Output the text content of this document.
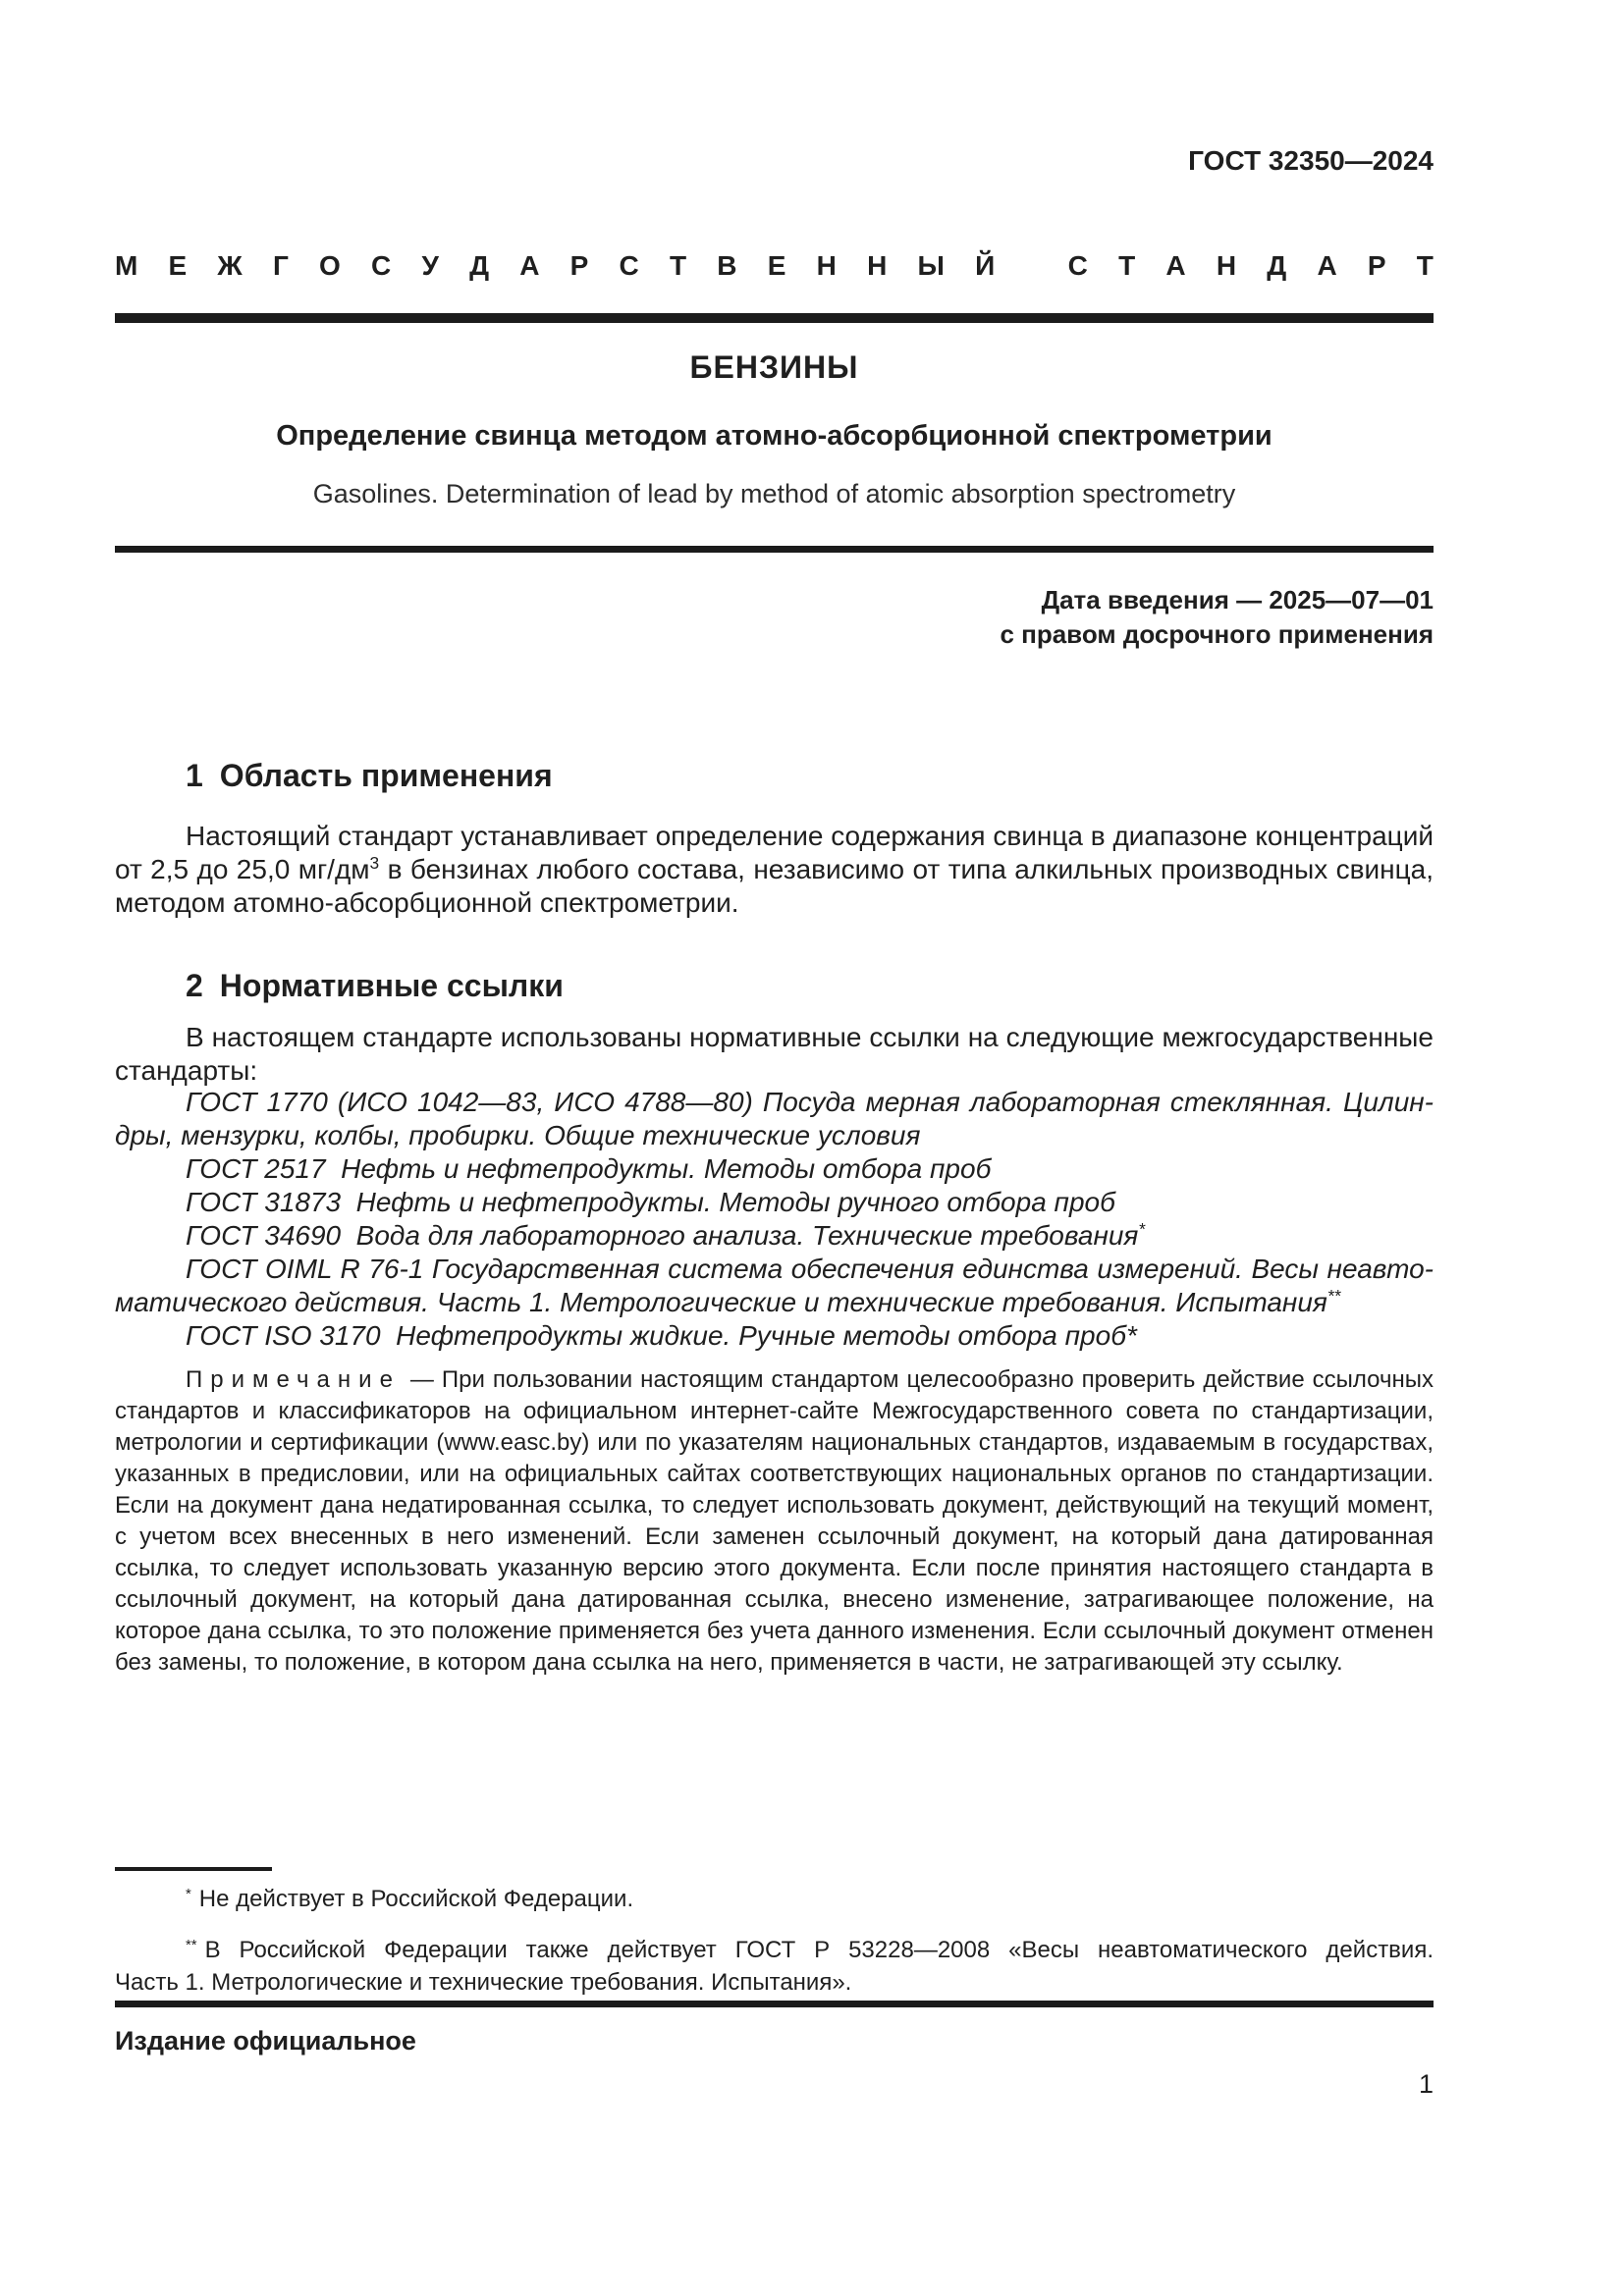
ГОСТ 32350—2024
М Е Ж Г О С У Д А Р С Т В Е Н Н Ы Й
	С Т А Н Д А Р Т
БЕНЗИНЫ
Определение свинца методом атомно-абсорбционной спектрометрии
Gasolines. Determination of lead by method of atomic absorption spectrometry
Дата введения — 2025—07—01
с правом досрочного применения
1 Область применения

Настоящий стандарт устанавливает определение содержания свинца в диапазоне концентраций от 2,5 до 25,0 $мг/дм^3$ в бензинах любого состава, независимо от типа алкильных производных свинца, методом атомно-абсорбционной спектрометрии.

2 Нормативные ссылки

В настоящем стандарте использованы нормативные ссылки на следующие межгосударственные стандарты:

ГОСТ 1770 (ИСО 1042—83, ИСО 4788—80) Посуда мерная лабораторная стеклянная. Цилин-
дры, мензурки, колбы, пробирки. Общие технические условия
ГОСТ 2517  Нефть и нефтепродукты. Методы отбора проб
ГОСТ 31873  Нефть и нефтепродукты. Методы ручного отбора проб
ГОСТ 34690  Вода для лабораторного анализа. Технические требования*
ГОСТ OIML R 76-1 Государственная система обеспечения единства измерений. Весы неавто-
матического действия. Часть 1. Метрологические и технические требования. Испытания**
ГОСТ ISO 3170  Нефтепродукты жидкие. Ручные методы отбора проб*

Примечание — При пользовании настоящим стандартом целесообразно проверить действие ссылочных стандартов и классификаторов на официальном интернет-сайте Межгосударственного совета по стандартизации, метрологии и сертификации (www.easc.by) или по указателям национальных стандартов, издаваемым в государствах, указанных в предисловии, или на официальных сайтах соответствующих национальных органов по стандартизации. Если на документ дана недатированная ссылка, то следует использовать документ, действующий на текущий момент, с учетом всех внесенных в него изменений. Если заменен ссылочный документ, на который дана датированная ссылка, то следует использовать указанную версию этого документа. Если после принятия настоящего стандарта в ссылочный документ, на который дана датированная ссылка, внесено изменение, затрагивающее положение, на которое дана ссылка, то это положение применяется без учета данного изменения. Если ссылочный документ отменен без замены, то положение, в котором дана ссылка на него, применяется в части, не затрагивающей эту ссылку.

* Не действует в Российской Федерации.
** В Российской Федерации также действует ГОСТ Р 53228—2008 «Весы неавтоматического действия.
Часть 1. Метрологические и технические требования. Испытания».
Издание официальное
1
